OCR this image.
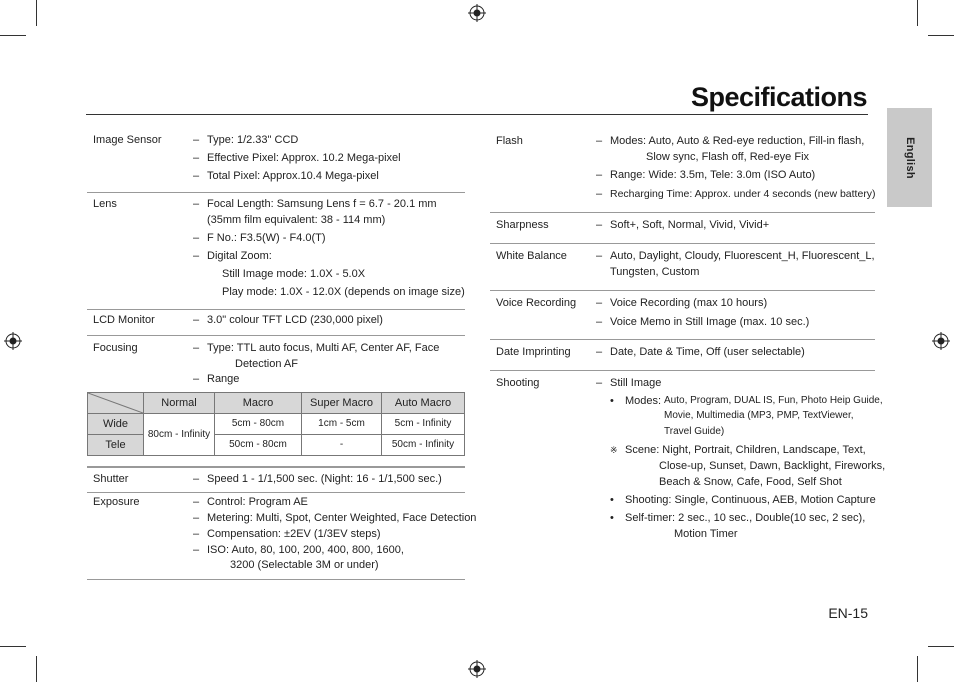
Specifications
English
Image Sensor	– Type: 1/2.33" CCD
– Effective Pixel: Approx. 10.2 Mega-pixel
– Total Pixel: Approx.10.4 Mega-pixel
Lens	– Focal Length: Samsung Lens f = 6.7 - 20.1 mm
(35mm film equivalent: 38 - 114 mm)
– F No.: F3.5(W) - F4.0(T)
– Digital Zoom:
Still Image mode: 1.0X - 5.0X
Play mode: 1.0X - 12.0X (depends on image size)
LCD Monitor	– 3.0" colour TFT LCD (230,000 pixel)
Focusing	– Type: TTL auto focus, Multi AF, Center AF, Face
Detection AF
– Range
	Normal	Macro	Super Macro	Auto Macro
Wide	80cm - Infinity	5cm - 80cm	1cm - 5cm	5cm - Infinity
Tele		50cm - 80cm	-	50cm - Infinity
Shutter	– Speed 1 - 1/1,500 sec. (Night: 16 - 1/1,500 sec.)
Exposure	– Control: Program AE
– Metering: Multi, Spot, Center Weighted, Face Detection
– Compensation: ±2EV (1/3EV steps)
– ISO: Auto, 80, 100, 200, 400, 800, 1600,
3200 (Selectable 3M or under)
Flash	– Modes: Auto, Auto & Red-eye reduction, Fill-in flash,
Slow sync, Flash off, Red-eye Fix
– Range: Wide: 3.5m, Tele: 3.0m (ISO Auto)
– Recharging Time: Approx. under 4 seconds (new battery)
Sharpness	– Soft+, Soft, Normal, Vivid, Vivid+
White Balance	– Auto, Daylight, Cloudy, Fluorescent_H, Fluorescent_L,
Tungsten, Custom
Voice Recording – Voice Recording (max 10 hours)
– Voice Memo in Still Image (max. 10 sec.)
Date Imprinting – Date, Date & Time, Off (user selectable)
Shooting	– Still Image
• Modes: Auto, Program, DUAL IS, Fun, Photo Heip Guide,
Movie, Multimedia (MP3, PMP, TextViewer,
Travel Guide)
※ Scene: Night, Portrait, Children, Landscape, Text,
Close-up, Sunset, Dawn, Backlight, Fireworks,
Beach & Snow, Cafe, Food, Self Shot
• Shooting: Single, Continuous, AEB, Motion Capture
• Self-timer: 2 sec., 10 sec., Double(10 sec, 2 sec),
Motion Timer
EN-15
